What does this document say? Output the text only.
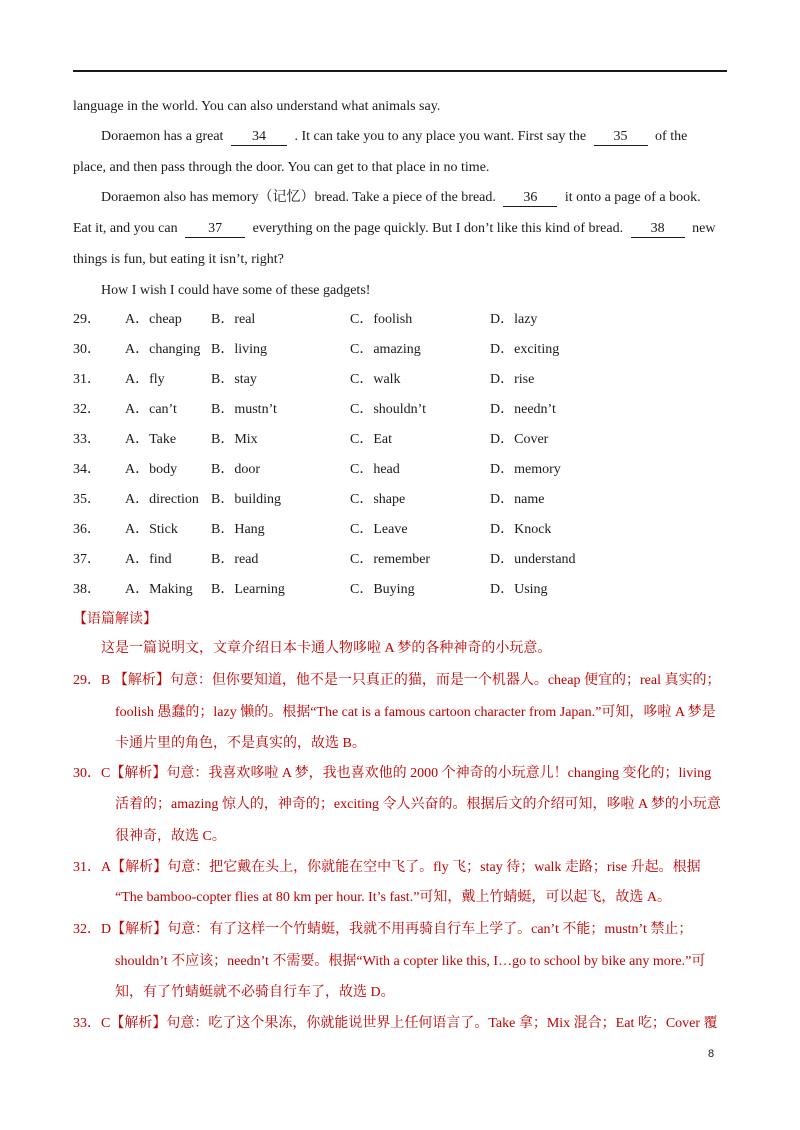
language in the world. You can also understand what animals say.
Doraemon has a great 34 . It can take you to any place you want. First say the 35 of the
place, and then pass through the door. You can get to that place in no time.
Doraemon also has memory（记忆）bread. Take a piece of the bread. 36 it onto a page of a book.
Eat it, and you can 37 everything on the page quickly. But I don’t like this kind of bread. 38 new
things is fun, but eating it isn’t, right?
How I wish I could have some of these gadgets!
29． A．cheap B．real	C．foolish	D．lazy
30． A．changing B．living	C．amazing	D．exciting
31． A．fly	B．stay	C．walk	D．rise
32． A．can’t B．mustn’t	C．shouldn’t	D．needn’t
33． A．Take B．Mix	C．Eat	D．Cover
34． A．body B．door	C．head	D．memory
35． A．direction B．building	C．shape	D．name
36． A．Stick B．Hang	C．Leave	D．Knock
37． A．find	B．read	C．remember	D．understand
38． A．Making B．Learning	C．Buying	D．Using
【语篇解读】
这是一篇说明文，文章介绍日本卡通人物哆啦 A 梦的各种神奇的小玩意。
29．B 【解析】句意：但你要知道，他不是一只真正的猫，而是一个机器人。cheap 便宜的；real 真实的；
foolish 愚蠢的；lazy 懒的。根据“The cat is a famous cartoon character from Japan.”可知，哆啦 A 梦是
卡通片里的角色，不是真实的，故选 B。
30．C【解析】句意：我喜欢哆啦 A 梦，我也喜欢他的 2000 个神奇的小玩意儿！changing 变化的；living
活着的；amazing 惊人的，神奇的；exciting 令人兴奋的。根据后文的介绍可知，哆啦 A 梦的小玩意
很神奇，故选 C。
31．A【解析】句意：把它戴在头上，你就能在空中飞了。fly 飞；stay 待；walk 走路；rise 升起。根据
“The bamboo-copter flies at 80 km per hour. It’s fast.”可知，戴上竹蜻蜓，可以起飞，故选 A。
32．D【解析】句意：有了这样一个竹蜻蜓，我就不用再骑自行车上学了。can’t 不能；mustn’t 禁止；
shouldn’t 不应该；needn’t 不需要。根据“With a copter like this, I…go to school by bike any more.”可
知，有了竹蜻蜓就不必骑自行车了，故选 D。
33．C【解析】句意：吃了这个果冻，你就能说世界上任何语言了。Take 拿；Mix 混合；Eat 吃；Cover 覆
8
